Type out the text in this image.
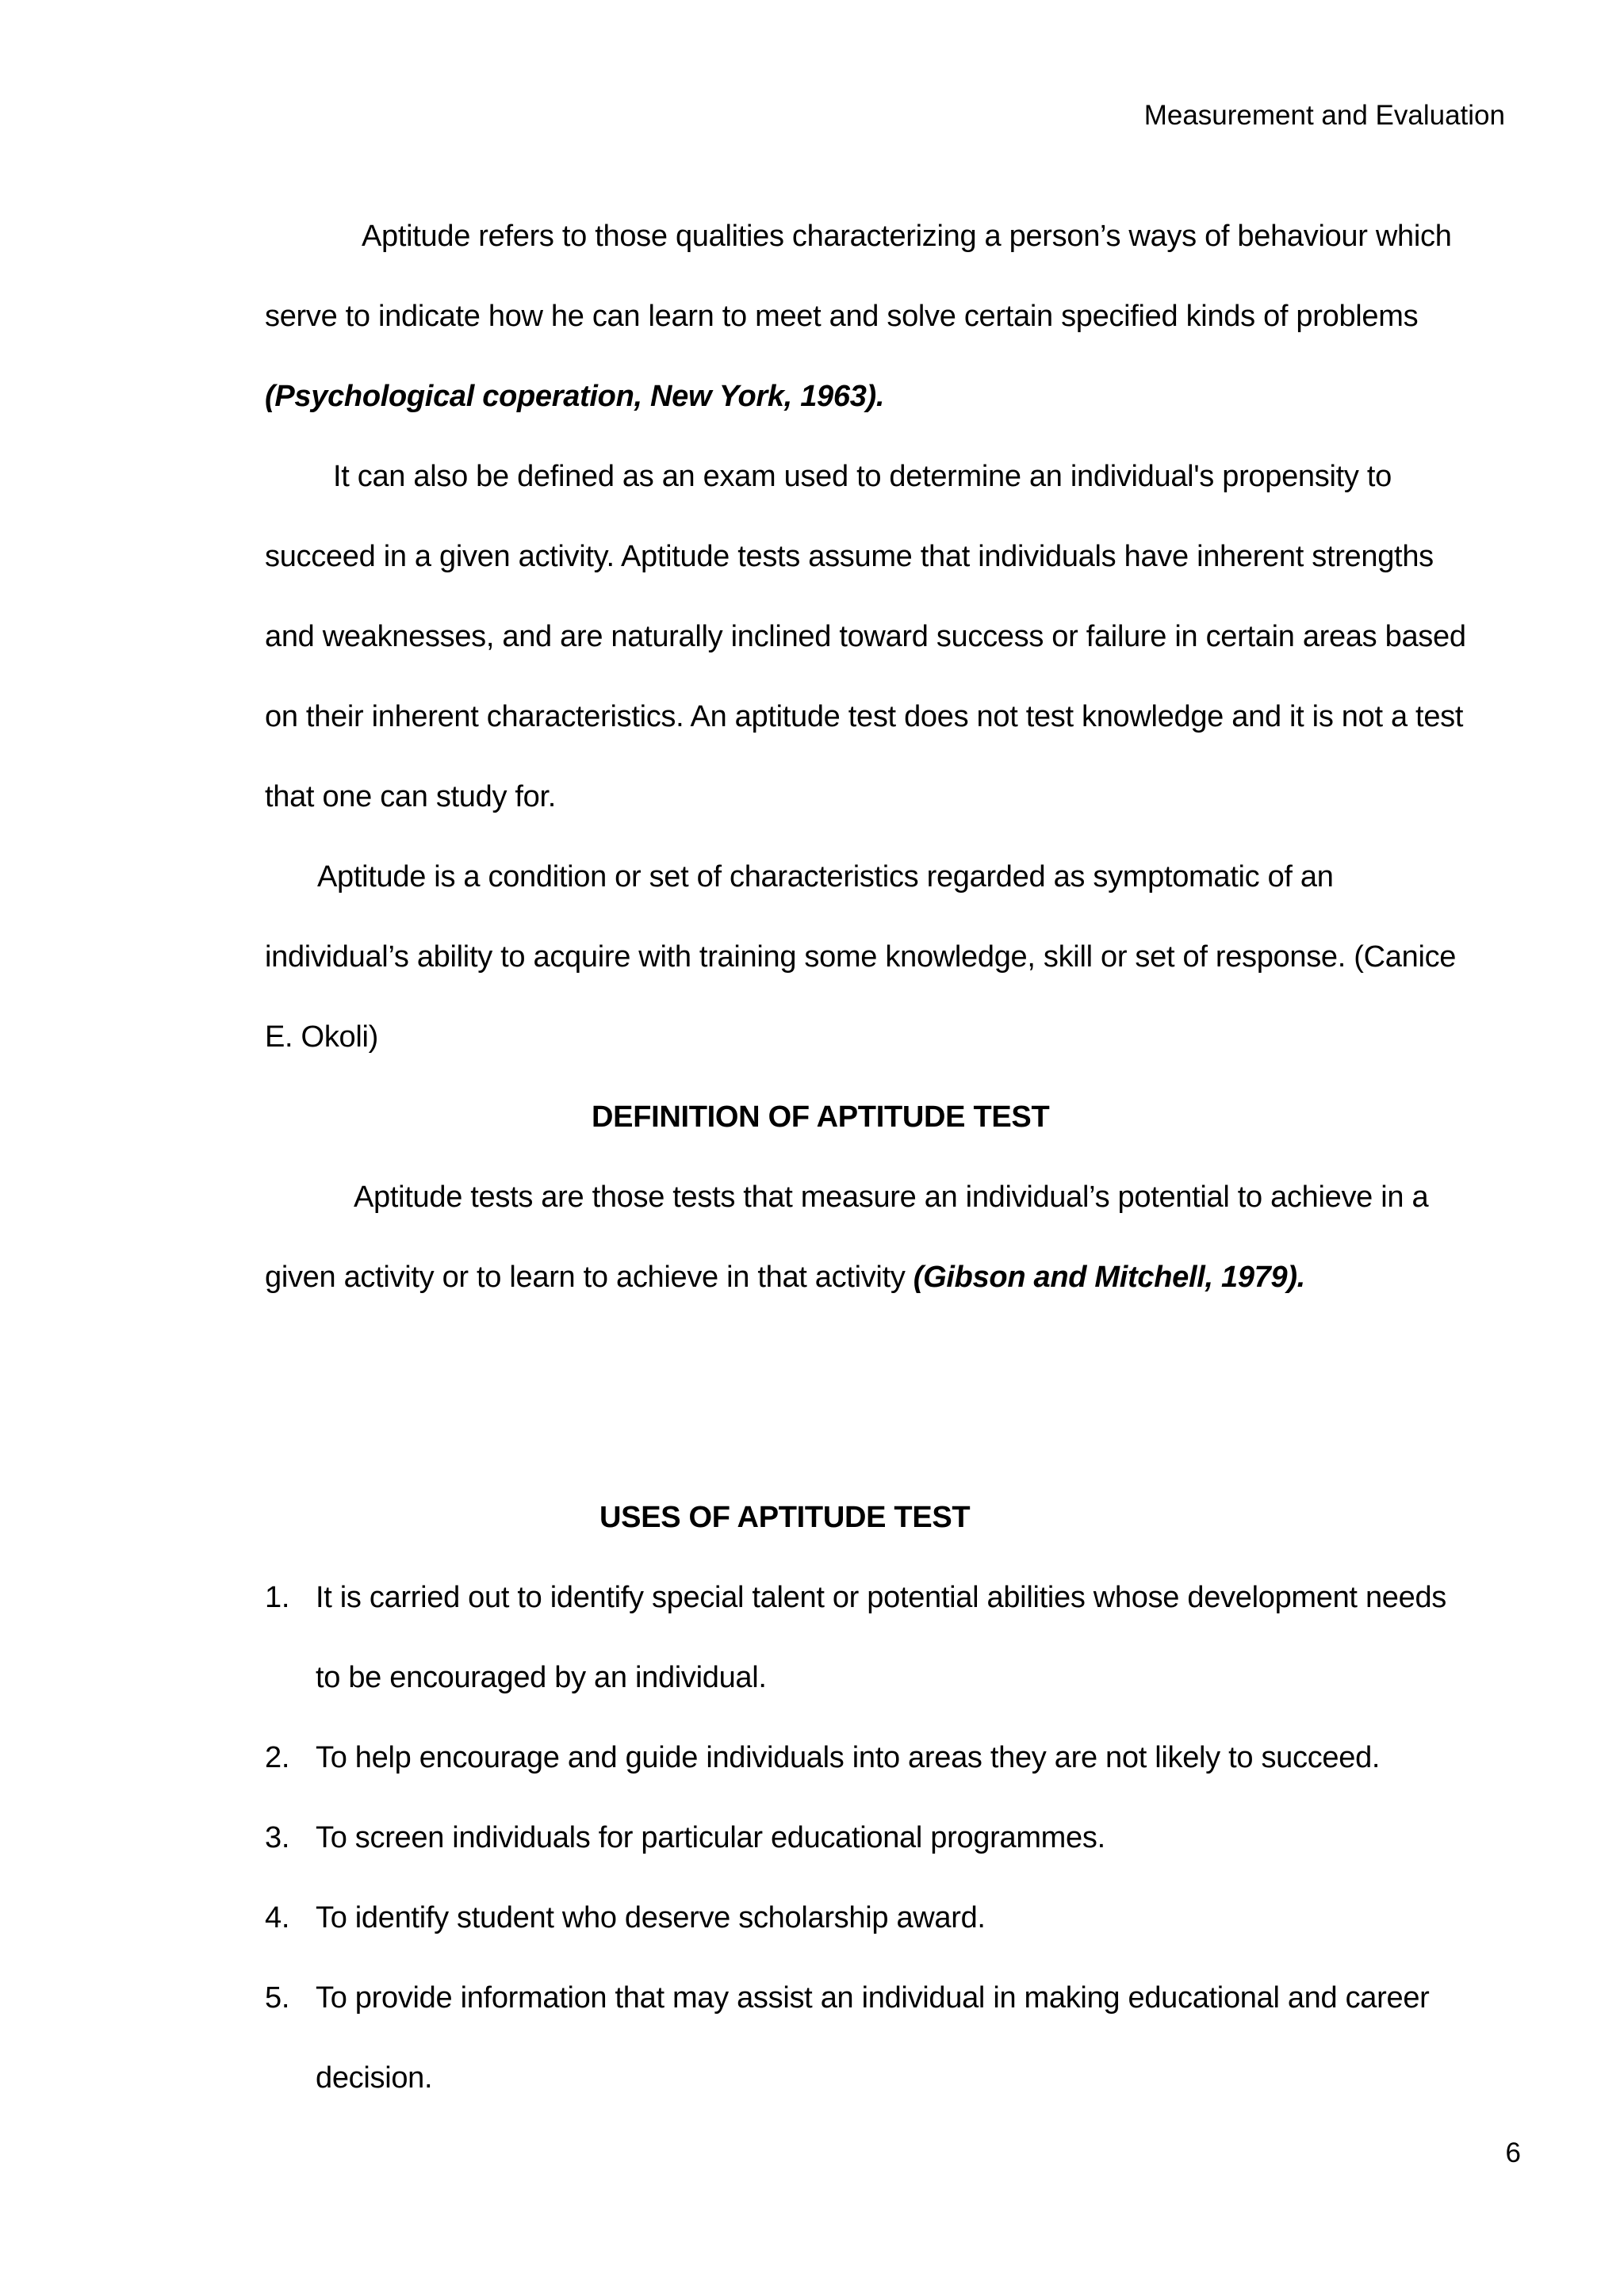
Measurement and Evaluation
Aptitude refers to those qualities characterizing a person’s ways of behaviour which
serve to indicate how he can learn to meet and solve certain specified kinds of problems
(Psychological coperation, New York, 1963).
It can also be defined as an exam used to determine an individual's propensity to
succeed in a given activity. Aptitude tests assume that individuals have inherent strengths
and weaknesses, and are naturally inclined toward success or failure in certain areas based
on their inherent characteristics. An aptitude test does not test knowledge and it is not a test
that one can study for.
Aptitude is a condition or set of characteristics regarded as symptomatic of an
individual’s ability to acquire with training some knowledge, skill or set of response. (Canice
E. Okoli)
DEFINITION OF APTITUDE TEST
Aptitude tests are those tests that measure an individual’s potential to achieve in a
given activity or to learn to achieve in that activity (Gibson and Mitchell, 1979).
USES OF APTITUDE TEST
1. It is carried out to identify special talent or potential abilities whose development needs
to be encouraged by an individual.
2. To help encourage and guide individuals into areas they are not likely to succeed.
3. To screen individuals for particular educational programmes.
4. To identify student who deserve scholarship award.
5. To provide information that may assist an individual in making educational and career
decision.
6
